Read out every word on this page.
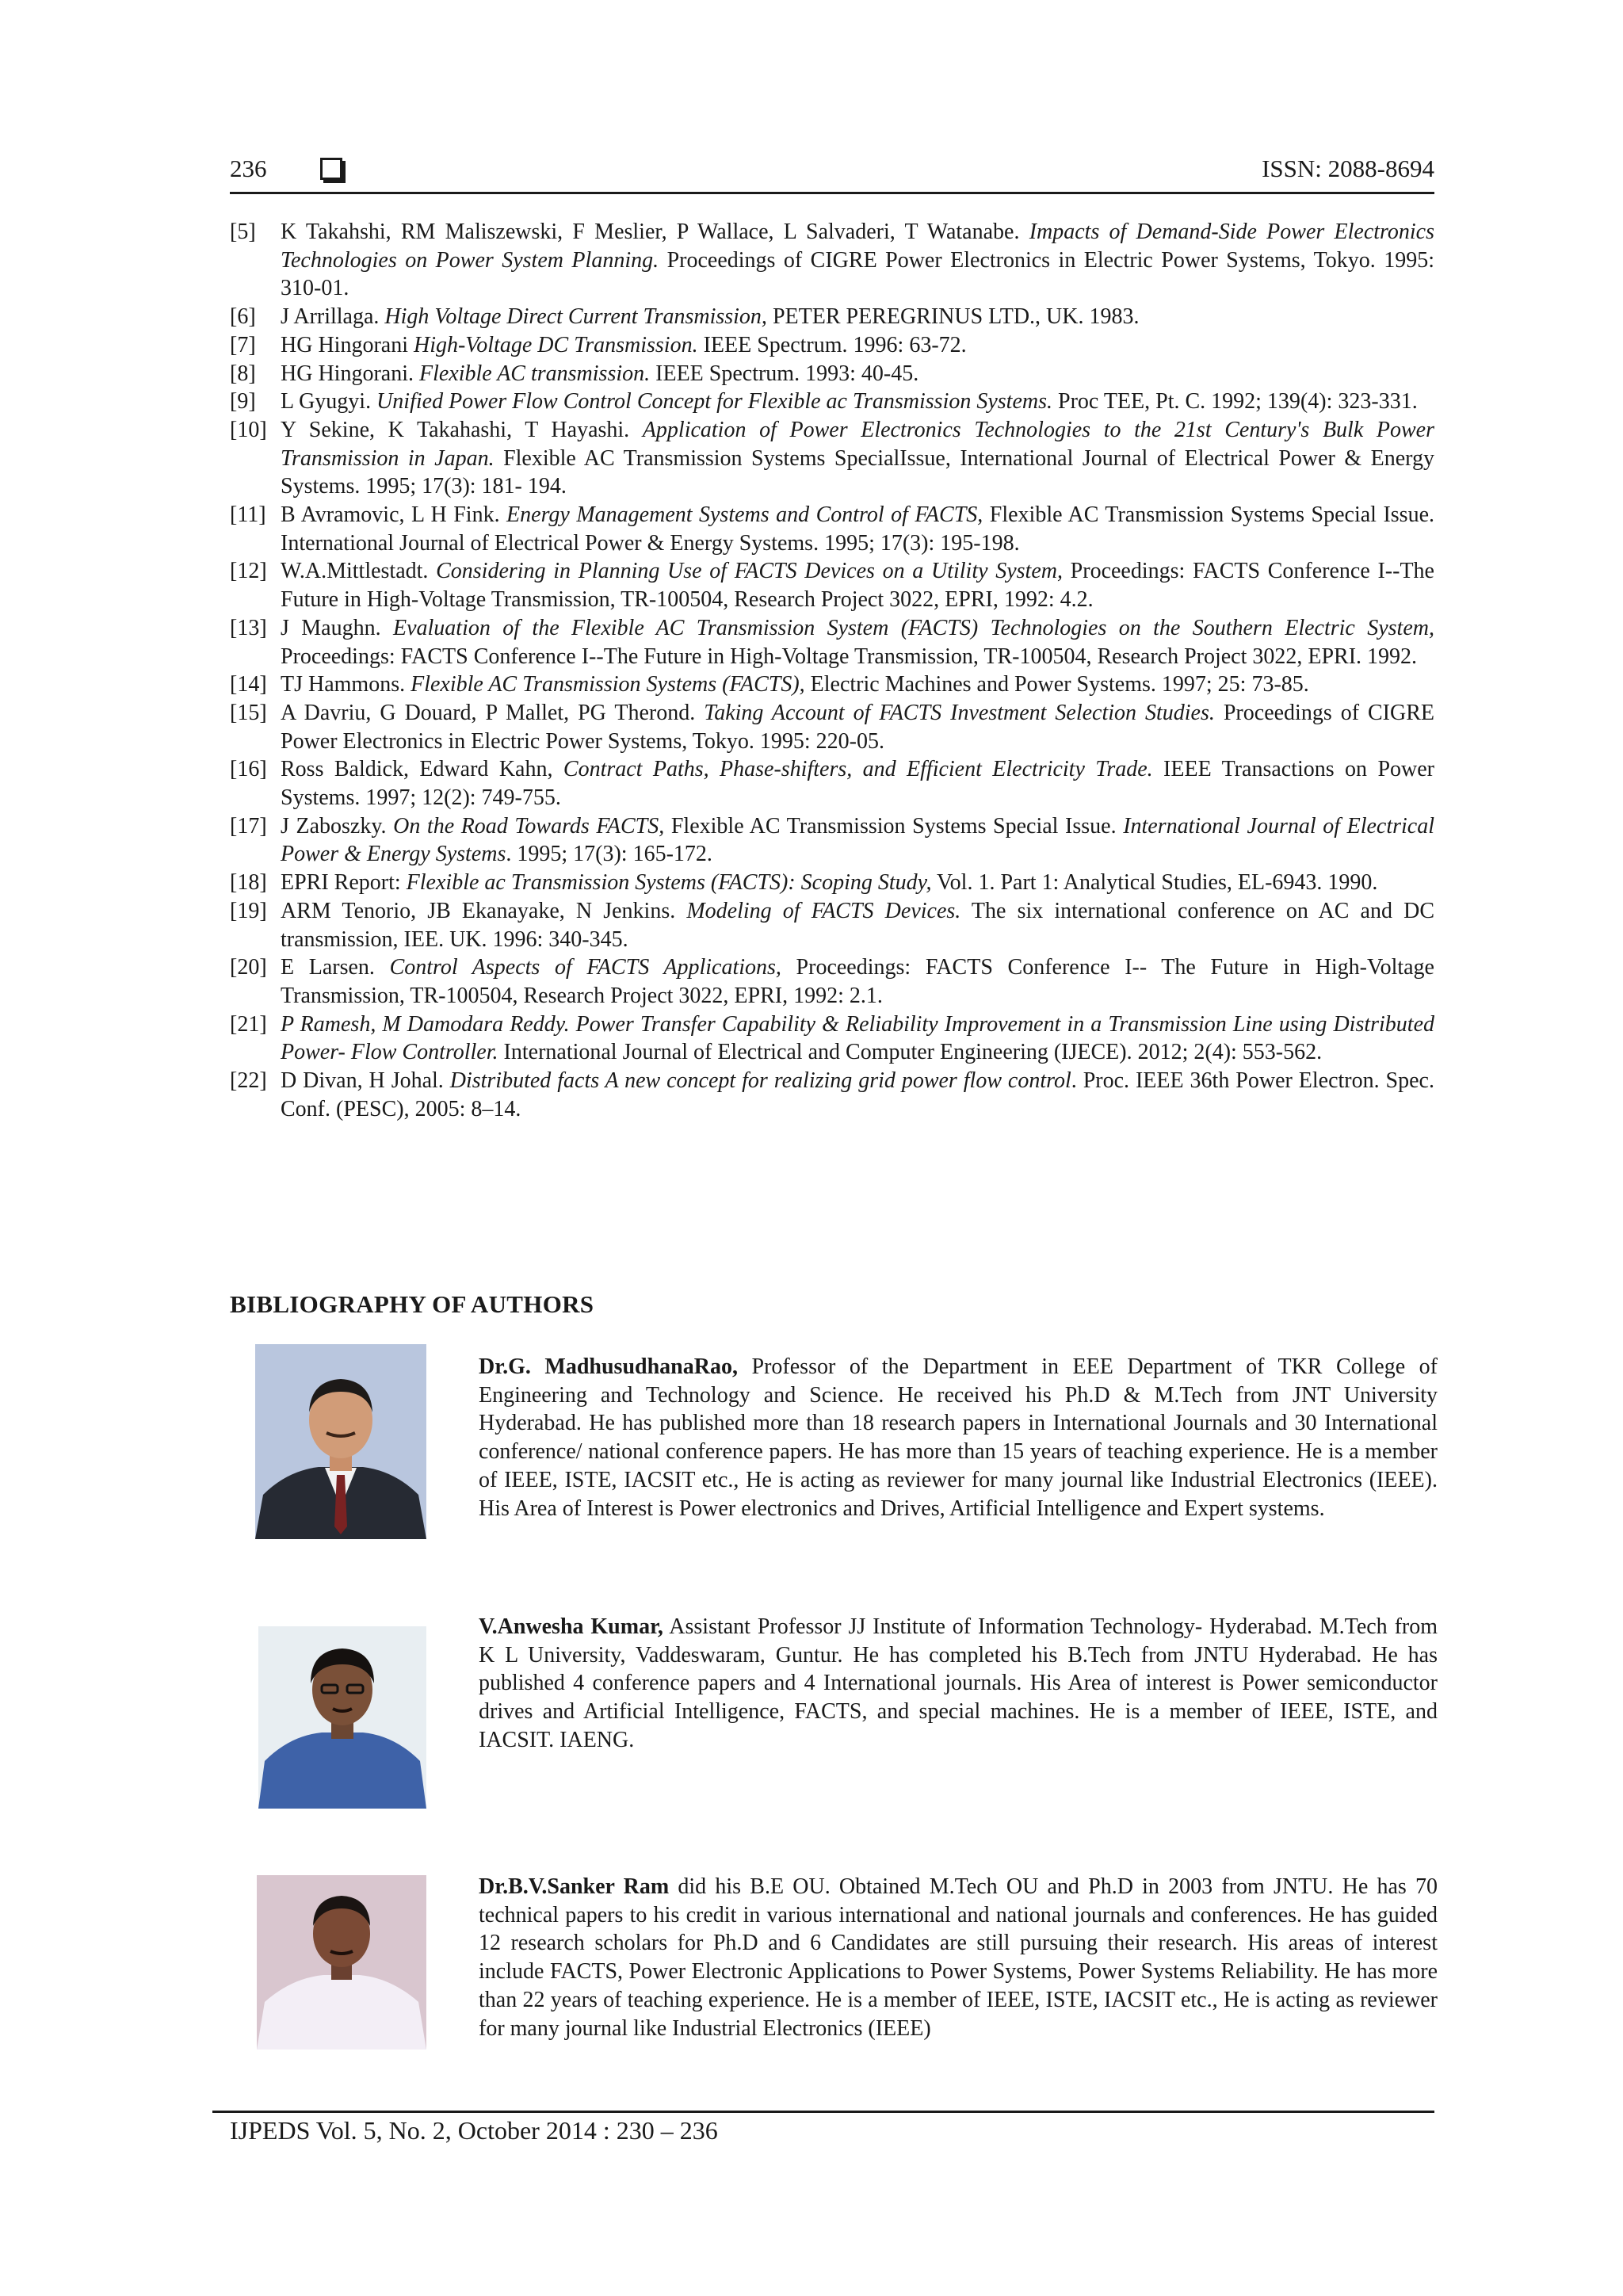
236	ISSN: 2088-8694
[5]	K Takahshi, RM Maliszewski, F Meslier, P Wallace, L Salvaderi, T Watanabe. Impacts of Demand-Side Power Electronics Technologies on Power System Planning. Proceedings of CIGRE Power Electronics in Electric Power Systems, Tokyo. 1995: 310-01.
[6]	J Arrillaga. High Voltage Direct Current Transmission, PETER PEREGRINUS LTD., UK. 1983.
[7]	HG Hingorani High-Voltage DC Transmission. IEEE Spectrum. 1996: 63-72.
[8]	HG Hingorani. Flexible AC transmission. IEEE Spectrum. 1993: 40-45.
[9]	L Gyugyi. Unified Power Flow Control Concept for Flexible ac Transmission Systems. Proc TEE, Pt. C. 1992; 139(4): 323-331.
[10] Y Sekine, K Takahashi, T Hayashi. Application of Power Electronics Technologies to the 21st Century's Bulk Power Transmission in Japan. Flexible AC Transmission Systems SpecialIssue, International Journal of Electrical Power & Energy Systems. 1995; 17(3): 181- 194.
[11] B Avramovic, L H Fink. Energy Management Systems and Control of FACTS, Flexible AC Transmission Systems Special Issue. International Journal of Electrical Power & Energy Systems. 1995; 17(3): 195-198.
[12] W.A.Mittlestadt. Considering in Planning Use of FACTS Devices on a Utility System, Proceedings: FACTS Conference I--The Future in High-Voltage Transmission, TR-100504, Research Project 3022, EPRI, 1992: 4.2.
[13] J Maughn. Evaluation of the Flexible AC Transmission System (FACTS) Technologies on the Southern Electric System, Proceedings: FACTS Conference I--The Future in High-Voltage Transmission, TR-100504, Research Project 3022, EPRI. 1992.
[14] TJ Hammons. Flexible AC Transmission Systems (FACTS), Electric Machines and Power Systems. 1997; 25: 73-85.
[15] A Davriu, G Douard, P Mallet, PG Therond. Taking Account of FACTS Investment Selection Studies. Proceedings of CIGRE Power Electronics in Electric Power Systems, Tokyo. 1995: 220-05.
[16] Ross Baldick, Edward Kahn, Contract Paths, Phase-shifters, and Efficient Electricity Trade. IEEE Transactions on Power Systems. 1997; 12(2): 749-755.
[17] J Zaboszky. On the Road Towards FACTS, Flexible AC Transmission Systems Special Issue. International Journal of Electrical Power & Energy Systems. 1995; 17(3): 165-172.
[18] EPRI Report: Flexible ac Transmission Systems (FACTS): Scoping Study, Vol. 1. Part 1: Analytical Studies, EL-6943. 1990.
[19] ARM Tenorio, JB Ekanayake, N Jenkins. Modeling of FACTS Devices. The six international conference on AC and DC transmission, IEE. UK. 1996: 340-345.
[20] E Larsen. Control Aspects of FACTS Applications, Proceedings: FACTS Conference I-- The Future in High-Voltage Transmission, TR-100504, Research Project 3022, EPRI, 1992: 2.1.
[21] P Ramesh, M Damodara Reddy. Power Transfer Capability & Reliability Improvement in a Transmission Line using Distributed Power- Flow Controller. International Journal of Electrical and Computer Engineering (IJECE). 2012; 2(4): 553-562.
[22] D Divan, H Johal. Distributed facts A new concept for realizing grid power flow control. Proc. IEEE 36th Power Electron. Spec. Conf. (PESC), 2005: 8–14.
BIBLIOGRAPHY OF AUTHORS
Dr.G. MadhusudhanaRao, Professor of the Department in EEE Department of TKR College of Engineering and Technology and Science. He received his Ph.D & M.Tech from JNT University Hyderabad. He has published more than 18 research papers in International Journals and 30 International conference/ national conference papers. He has more than 15 years of teaching experience. He is a member of IEEE, ISTE, IACSIT etc., He is acting as reviewer for many journal like Industrial Electronics (IEEE). His Area of Interest is Power electronics and Drives, Artificial Intelligence and Expert systems.
V.Anwesha Kumar, Assistant Professor JJ Institute of Information Technology- Hyderabad. M.Tech from K L University, Vaddeswaram, Guntur. He has completed his B.Tech from JNTU Hyderabad. He has published 4 conference papers and 4 International journals. His Area of interest is Power semiconductor drives and Artificial Intelligence, FACTS, and special machines. He is a member of IEEE, ISTE, and IACSIT. IAENG.
Dr.B.V.Sanker Ram did his B.E OU. Obtained M.Tech OU and Ph.D in 2003 from JNTU. He has 70 technical papers to his credit in various international and national journals and conferences. He has guided 12 research scholars for Ph.D and 6 Candidates are still pursuing their research. His areas of interest include FACTS, Power Electronic Applications to Power Systems, Power Systems Reliability. He has more than 22 years of teaching experience. He is a member of IEEE, ISTE, IACSIT etc., He is acting as reviewer for many journal like Industrial Electronics (IEEE)
IJPEDS Vol. 5, No. 2, October 2014 : 230 – 236
